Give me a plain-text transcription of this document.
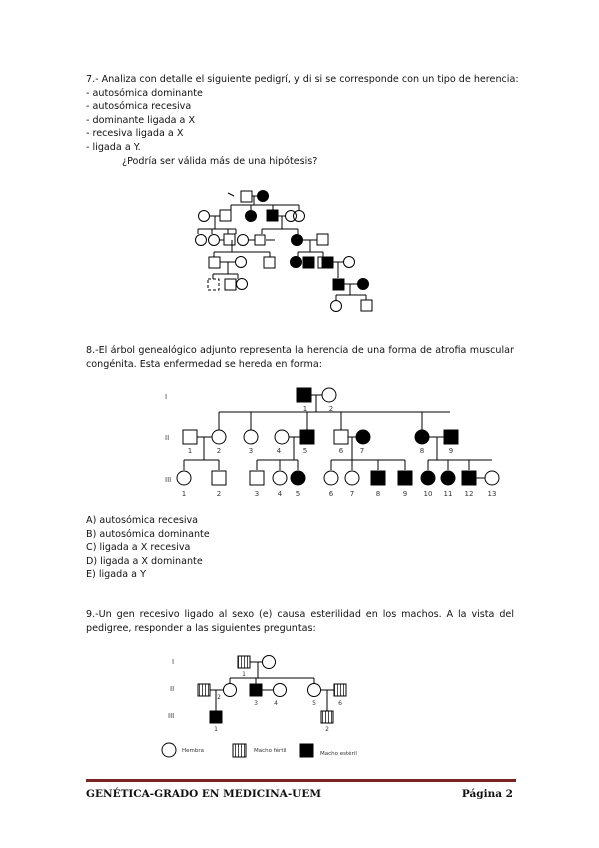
7.- Analiza con detalle el siguiente pedigrí, y di si se corresponde con un tipo de herencia:
- autosómica dominante
- autosómica recesiva
- dominante ligada a X
- recesiva ligada a X
- ligada a Y.
¿Podría ser válida más de una hipótesis?
8.-El árbol genealógico adjunto representa la herencia de una forma de atrofia muscular congénita. Esta enfermedad se hereda en forma:
I
II
III
1	2
1	2	3	4	5	6 7	8	9
1	2	3	4 5	6 7	8	9 10 11 12 13
A) autosómica recesiva
B) autosómica dominante
C) ligada a X recesiva
D) ligada a X dominante
E) ligada a Y
9.-Un gen recesivo ligado al sexo (e) causa esterilidad en los machos. A la vista del pedigree, responder a las siguientes preguntas:
I
II
III
1
2
3	4	5	6
1	2
Hembra	Macho fértil	Macho estéril
GENÉTICA-GRADO EN MEDICINA-UEM	Página 2
